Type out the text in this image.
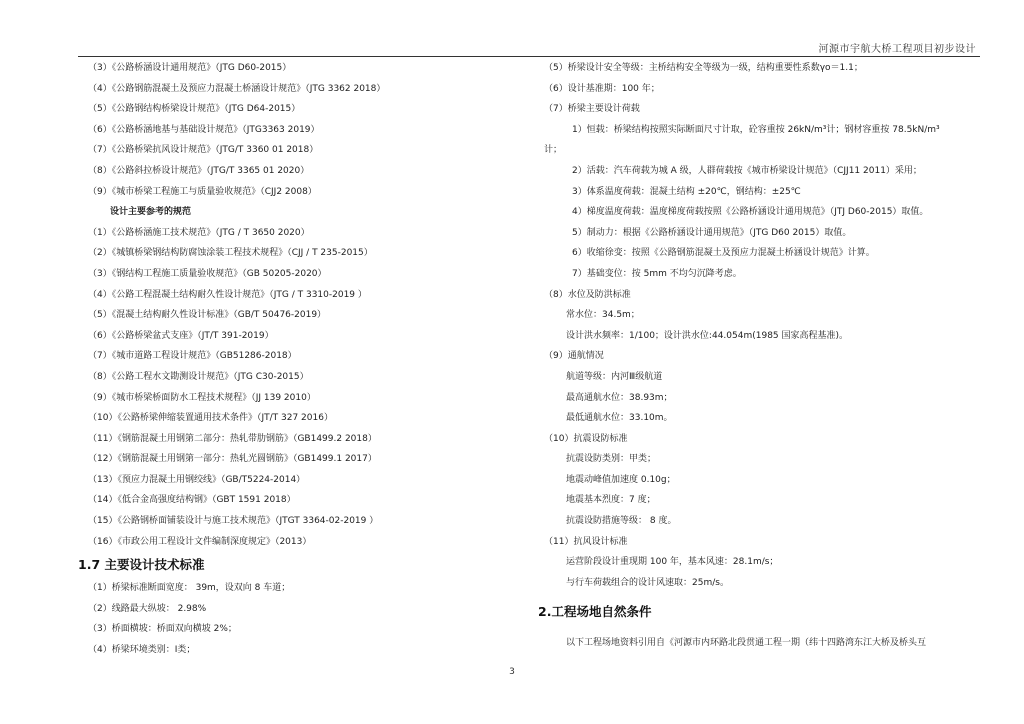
河源市宇航大桥工程项目初步设计
（3）《公路桥涵设计通用规范》（JTG D60-2015）
（4）《公路钢筋混凝土及预应力混凝土桥涵设计规范》（JTG 3362 2018）
（5）《公路钢结构桥梁设计规范》（JTG D64-2015）
（6）《公路桥涵地基与基础设计规范》（JTG3363 2019）
（7）《公路桥梁抗风设计规范》（JTG/T 3360 01 2018）
（8）《公路斜拉桥设计规范》（JTG/T 3365 01 2020）
（9）《城市桥梁工程施工与质量验收规范》（CJJ2 2008）
设计主要参考的规范
（1）《公路桥涵施工技术规范》（JTG / T 3650 2020）
（2）《城镇桥梁钢结构防腐蚀涂装工程技术规程》（CJJ / T 235-2015）
（3）《钢结构工程施工质量验收规范》（GB 50205-2020）
（4）《公路工程混凝土结构耐久性设计规范》（JTG / T 3310-2019 ）
（5）《混凝土结构耐久性设计标准》（GB/T 50476-2019）
（6）《公路桥梁盆式支座》（JT/T 391-2019）
（7）《城市道路工程设计规范》（GB51286-2018）
（8）《公路工程水文勘测设计规范》（JTG C30-2015）
（9）《城市桥梁桥面防水工程技术规程》（JJ 139 2010）
（10）《公路桥梁伸缩装置通用技术条件》（JT/T 327 2016）
（11）《钢筋混凝土用钢第二部分：热轧带肋钢筋》（GB1499.2 2018）
（12）《钢筋混凝土用钢第一部分：热轧光圆钢筋》（GB1499.1 2017）
（13）《预应力混凝土用钢绞线》（GB/T5224-2014）
（14）《低合金高强度结构钢》（GBT 1591 2018）
（15）《公路钢桥面铺装设计与施工技术规范》（JTGT 3364-02-2019 ）
（16）《市政公用工程设计文件编制深度规定》（2013）
1.7 主要设计技术标准
（1）桥梁标准断面宽度： 39m，设双向 8 车道；
（2）线路最大纵坡： 2.98%
（3）桥面横坡：桥面双向横坡 2%；
（4）桥梁环境类别：Ⅰ类；
（5）桥梁设计安全等级：主桥结构安全等级为一级，结构重要性系数γo＝1.1；
（6）设计基准期：100 年；
（7）桥梁主要设计荷载
1）恒载：桥梁结构按照实际断面尺寸计取，砼容重按 26kN/m³计；钢材容重按 78.5kN/m³
计；
2）活载：汽车荷载为城 A 级，人群荷载按《城市桥梁设计规范》（CJJ11 2011）采用；
3）体系温度荷载：混凝土结构 ±20℃，钢结构：±25℃
4）梯度温度荷载：温度梯度荷载按照《公路桥涵设计通用规范》（JTJ D60-2015）取值。
5）制动力：根据《公路桥涵设计通用规范》（JTG D60 2015）取值。
6）收缩徐变：按照《公路钢筋混凝土及预应力混凝土桥涵设计规范》计算。
7）基础变位：按 5mm 不均匀沉降考虑。
（8）水位及防洪标准
常水位：34.5m；
设计洪水频率：1/100；设计洪水位:44.054m(1985 国家高程基准)。
（9）通航情况
航道等级：内河Ⅲ级航道
最高通航水位：38.93m；
最低通航水位：33.10m。
（10）抗震设防标准
抗震设防类别：甲类；
地震动峰值加速度 0.10g；
地震基本烈度：7 度；
抗震设防措施等级： 8 度。
（11）抗风设计标准
运营阶段设计重现期 100 年，基本风速：28.1m/s；
与行车荷载组合的设计风速取：25m/s。
2.工程场地自然条件
以下工程场地资料引用自《河源市内环路北段贯通工程一期（纬十四路湾东江大桥及桥头互
3
